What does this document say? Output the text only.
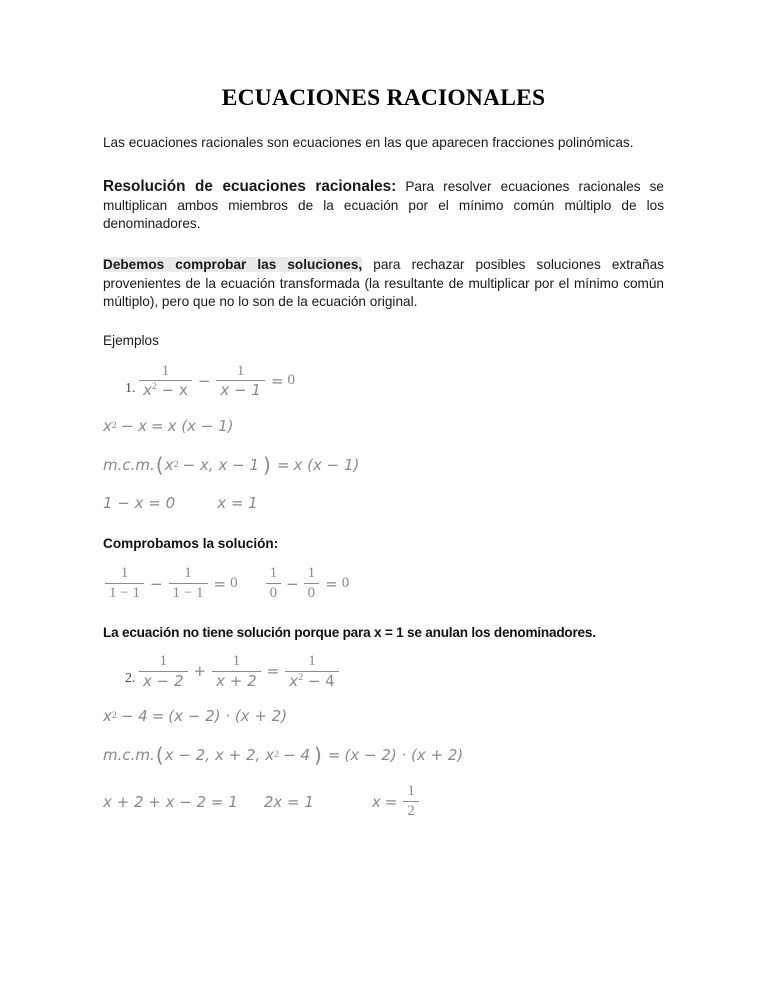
ECUACIONES RACIONALES

Las ecuaciones racionales son ecuaciones en las que aparecen fracciones polinómicas.

Resolución de ecuaciones racionales: Para resolver ecuaciones racionales se multiplican ambos miembros de la ecuación por el mínimo común múltiplo de los denominadores.

Debemos comprobar las soluciones, para rechazar posibles soluciones extrañas provenientes de la ecuación transformada (la resultante de multiplicar por el mínimo común múltiplo), pero que no lo son de la ecuación original.

Ejemplos

1. $\frac{1}{x^2 - x} - \frac{1}{x - 1} = 0$
x 2 − x = x (x − 1)
m.c.m. ( x 2 − x , x − 1 ) = x (x − 1)
1 − x = 0	x = 1

Comprobamos la solución:

$\frac{1}{1 - 1} - \frac{1}{1 - 1} = 0 \frac{1}{0} - \frac{1}{0} = 0$

La ecuación no tiene solución porque para x = 1 se anulan los denominadores.

2. $\frac{1}{x - 2} + \frac{1}{x + 2} = \frac{1}{x^2 - 4}$
x 2 − 4 = (x − 2) · (x + 2)
m.c.m. ( x − 2, x + 2, x 2 − 4 ) = (x − 2) · (x + 2)
x + 2 + x − 2 = 1 2x = 1	$x = \frac{1}{2}$
